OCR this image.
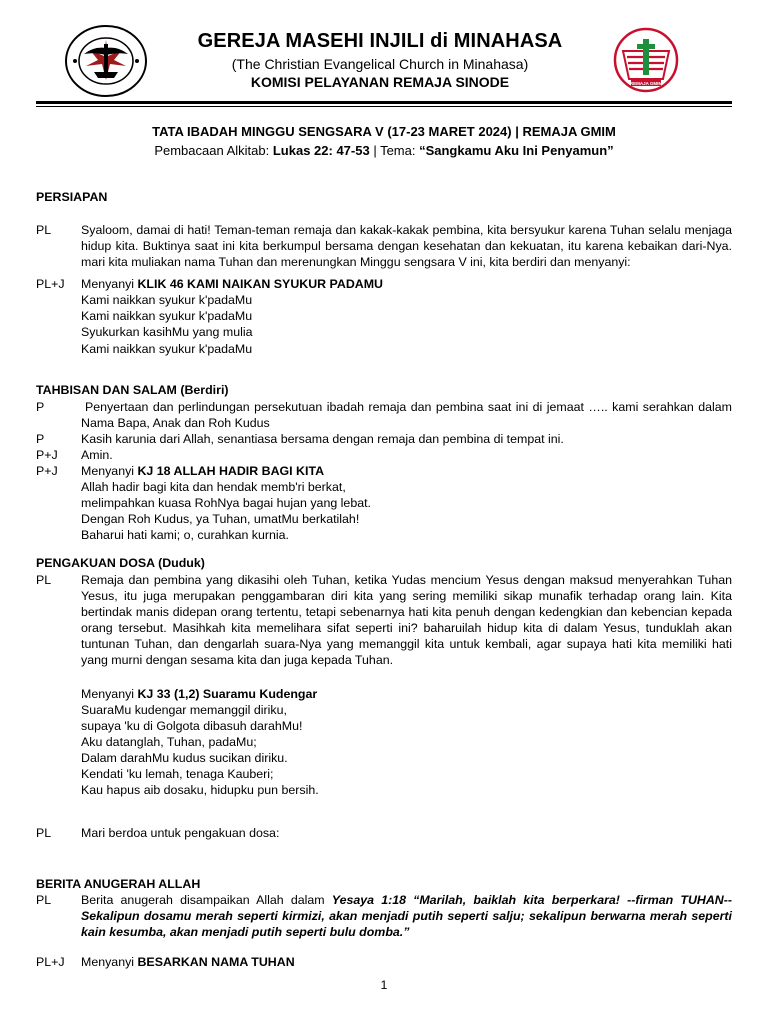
GEREJA MASEHI INJILI di MINAHASA
(The Christian Evangelical Church in Minahasa)
KOMISI PELAYANAN REMAJA SINODE	REMAJA GMIM
TATA IBADAH MINGGU SENGSARA V (17-23 MARET 2024) | REMAJA GMIM
Pembacaan Alkitab: Lukas 22: 47-53 | Tema: “Sangkamu Aku Ini Penyamun”
PERSIAPAN
PL Syaloom, damai di hati! Teman-teman remaja dan kakak-kakak pembina, kita bersyukur karena Tuhan selalu menjaga hidup kita. Buktinya saat ini kita berkumpul bersama dengan kesehatan dan kekuatan, itu karena kebaikan dari-Nya. mari kita muliakan nama Tuhan dan merenungkan Minggu sengsara V ini, kita berdiri dan menyanyi:
PL+J Menyanyi KLIK 46 KAMI NAIKAN SYUKUR PADAMU
Kami naikkan syukur k'padaMu
Kami naikkan syukur k'padaMu
Syukurkan kasihMu yang mulia
Kami naikkan syukur k'padaMu
TAHBISAN DAN SALAM (Berdiri)
P	Penyertaan dan perlindungan persekutuan ibadah remaja dan pembina saat ini di jemaat ….. kami serahkan dalam Nama Bapa, Anak dan Roh Kudus
P	Kasih karunia dari Allah, senantiasa bersama dengan remaja dan pembina di tempat ini.
P+J Amin.
P+J Menyanyi KJ 18 ALLAH HADIR BAGI KITA
Allah hadir bagi kita dan hendak memb'ri berkat,
melimpahkan kuasa RohNya bagai hujan yang lebat.
Dengan Roh Kudus, ya Tuhan, umatMu berkatilah!
Baharui hati kami; o, curahkan kurnia.
PENGAKUAN DOSA (Duduk)
PL Remaja dan pembina yang dikasihi oleh Tuhan, ketika Yudas mencium Yesus dengan maksud menyerahkan Tuhan Yesus, itu juga merupakan penggambaran diri kita yang sering memiliki sikap munafik terhadap orang lain. Kita bertindak manis didepan orang tertentu, tetapi sebenarnya hati kita penuh dengan kedengkian dan kebencian kepada orang tersebut. Masihkah kita memelihara sifat seperti ini? baharuilah hidup kita di dalam Yesus, tunduklah akan tuntunan Tuhan, dan dengarlah suara-Nya yang memanggil kita untuk kembali, agar supaya hati kita memiliki hati yang murni dengan sesama kita dan juga kepada Tuhan.
Menyanyi KJ 33 (1,2) Suaramu Kudengar
SuaraMu kudengar memanggil diriku,
supaya 'ku di Golgota dibasuh darahMu!
Aku datanglah, Tuhan, padaMu;
Dalam darahMu kudus sucikan diriku.
Kendati 'ku lemah, tenaga Kauberi;
Kau hapus aib dosaku, hidupku pun bersih.
PL Mari berdoa untuk pengakuan dosa:
BERITA ANUGERAH ALLAH
PL Berita anugerah disampaikan Allah dalam Yesaya 1:18 “Marilah, baiklah kita berperkara! --firman TUHAN-- Sekalipun dosamu merah seperti kirmizi, akan menjadi putih seperti salju; sekalipun berwarna merah seperti kain kesumba, akan menjadi putih seperti bulu domba.”
PL+J Menyanyi BESARKAN NAMA TUHAN
1
